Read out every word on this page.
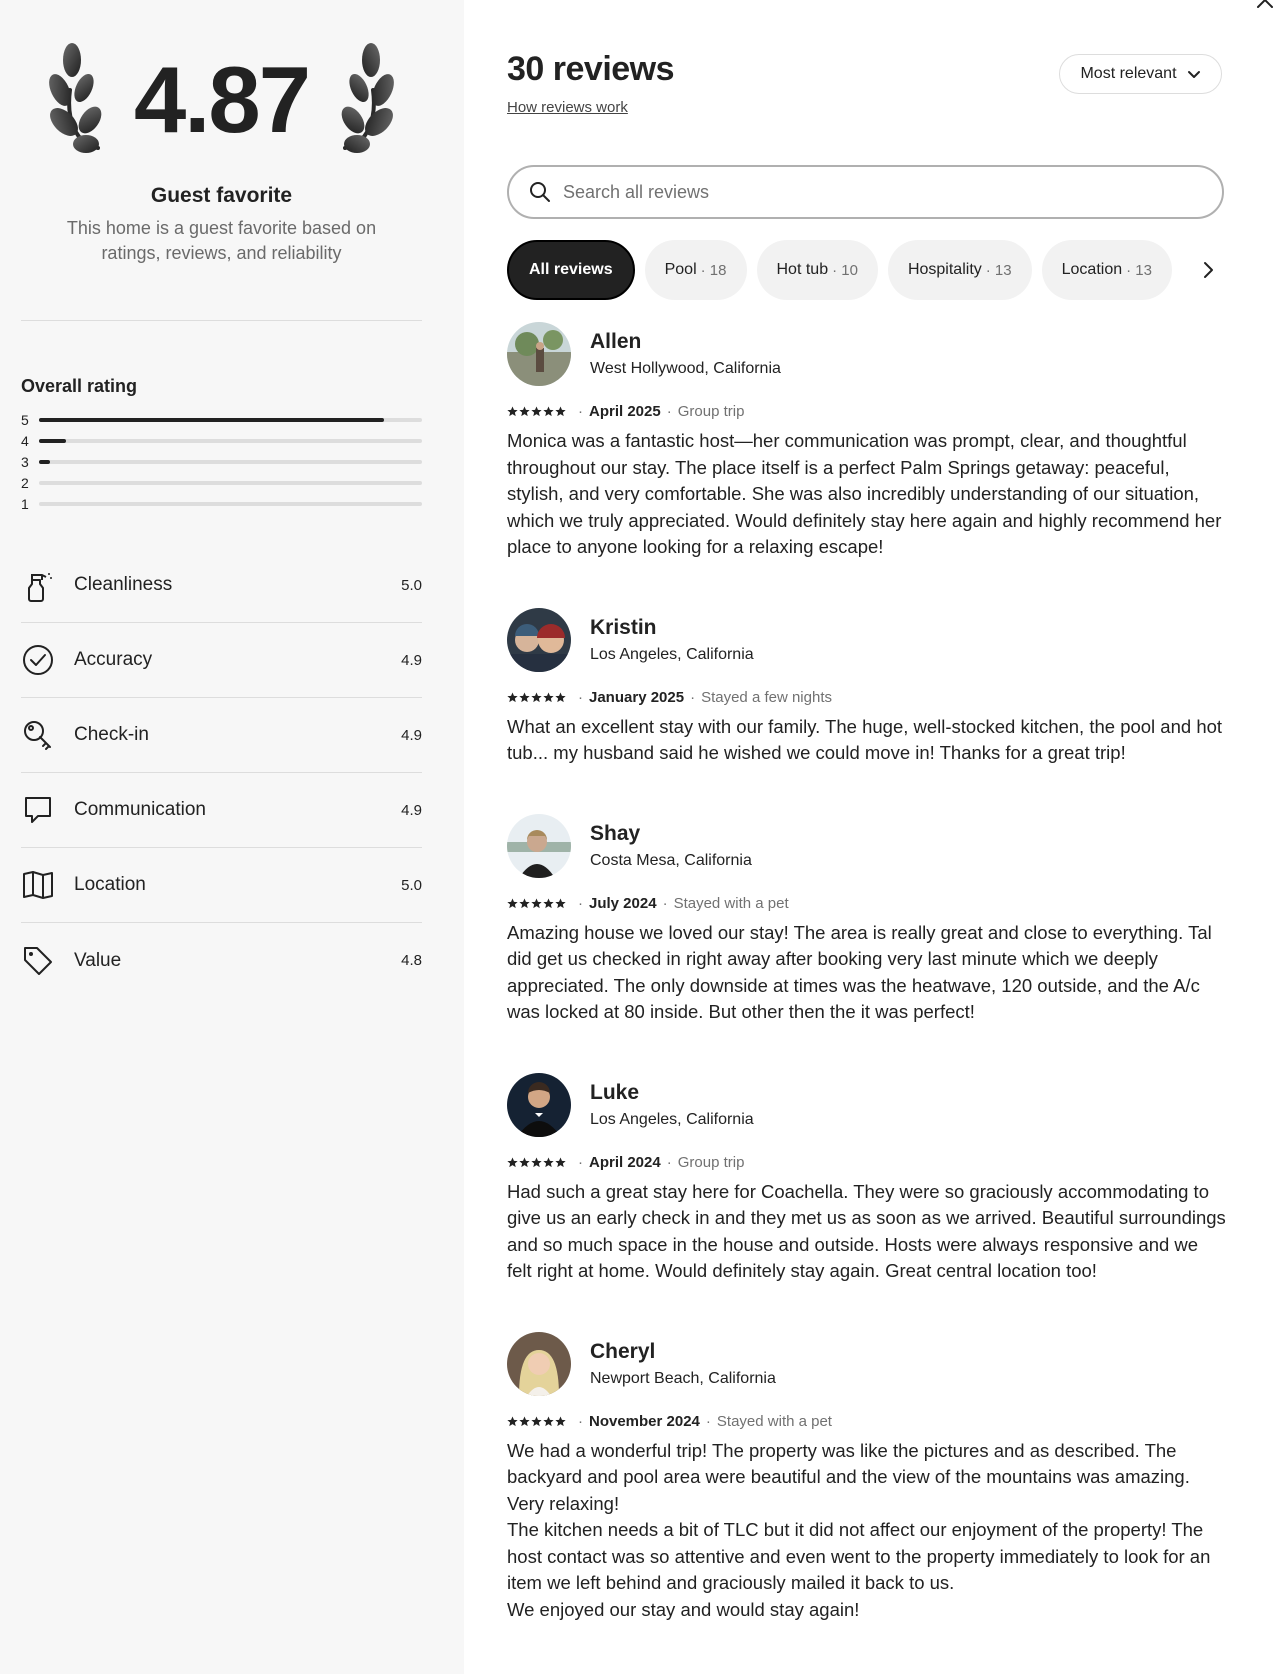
4.87
Guest favorite
This home is a guest favorite based on ratings, reviews, and reliability
Overall rating
5
4
3
2
1
Cleanliness	5.0
Accuracy	4.9
Check-in	4.9
Communication	4.9
Location	5.0
Value	4.8
30 reviews
How reviews work
Most relevant
Search all reviews
All reviews	Pool · 18	Hot tub · 10	Hospitality · 13	Location · 13
Allen
West Hollywood, California
· April 2025 · Group trip

Monica was a fantastic host—her communication was prompt, clear, and thoughtful throughout our stay. The place itself is a perfect Palm Springs getaway: peaceful, stylish, and very comfortable. She was also incredibly understanding of our situation, which we truly appreciated. Would definitely stay here again and highly recommend her place to anyone looking for a relaxing escape!

Kristin
Los Angeles, California
· January 2025 · Stayed a few nights

What an excellent stay with our family. The huge, well-stocked kitchen, the pool and hot tub... my husband said he wished we could move in! Thanks for a great trip!

Shay
Costa Mesa, California
· July 2024 · Stayed with a pet

Amazing house we loved our stay! The area is really great and close to everything. Tal did get us checked in right away after booking very last minute which we deeply appreciated. The only downside at times was the heatwave, 120 outside, and the A/c was locked at 80 inside. But other then the it was perfect!

Luke
Los Angeles, California
· April 2024 · Group trip

Had such a great stay here for Coachella. They were so graciously accommodating to give us an early check in and they met us as soon as we arrived. Beautiful surroundings and so much space in the house and outside. Hosts were always responsive and we felt right at home. Would definitely stay again. Great central location too!

Cheryl
Newport Beach, California
· November 2024 · Stayed with a pet

We had a wonderful trip! The property was like the pictures and as described. The backyard and pool area were beautiful and the view of the mountains was amazing. Very relaxing!
The kitchen needs a bit of TLC but it did not affect our enjoyment of the property! The host contact was so attentive and even went to the property immediately to look for an item we left behind and graciously mailed it back to us.
We enjoyed our stay and would stay again!
